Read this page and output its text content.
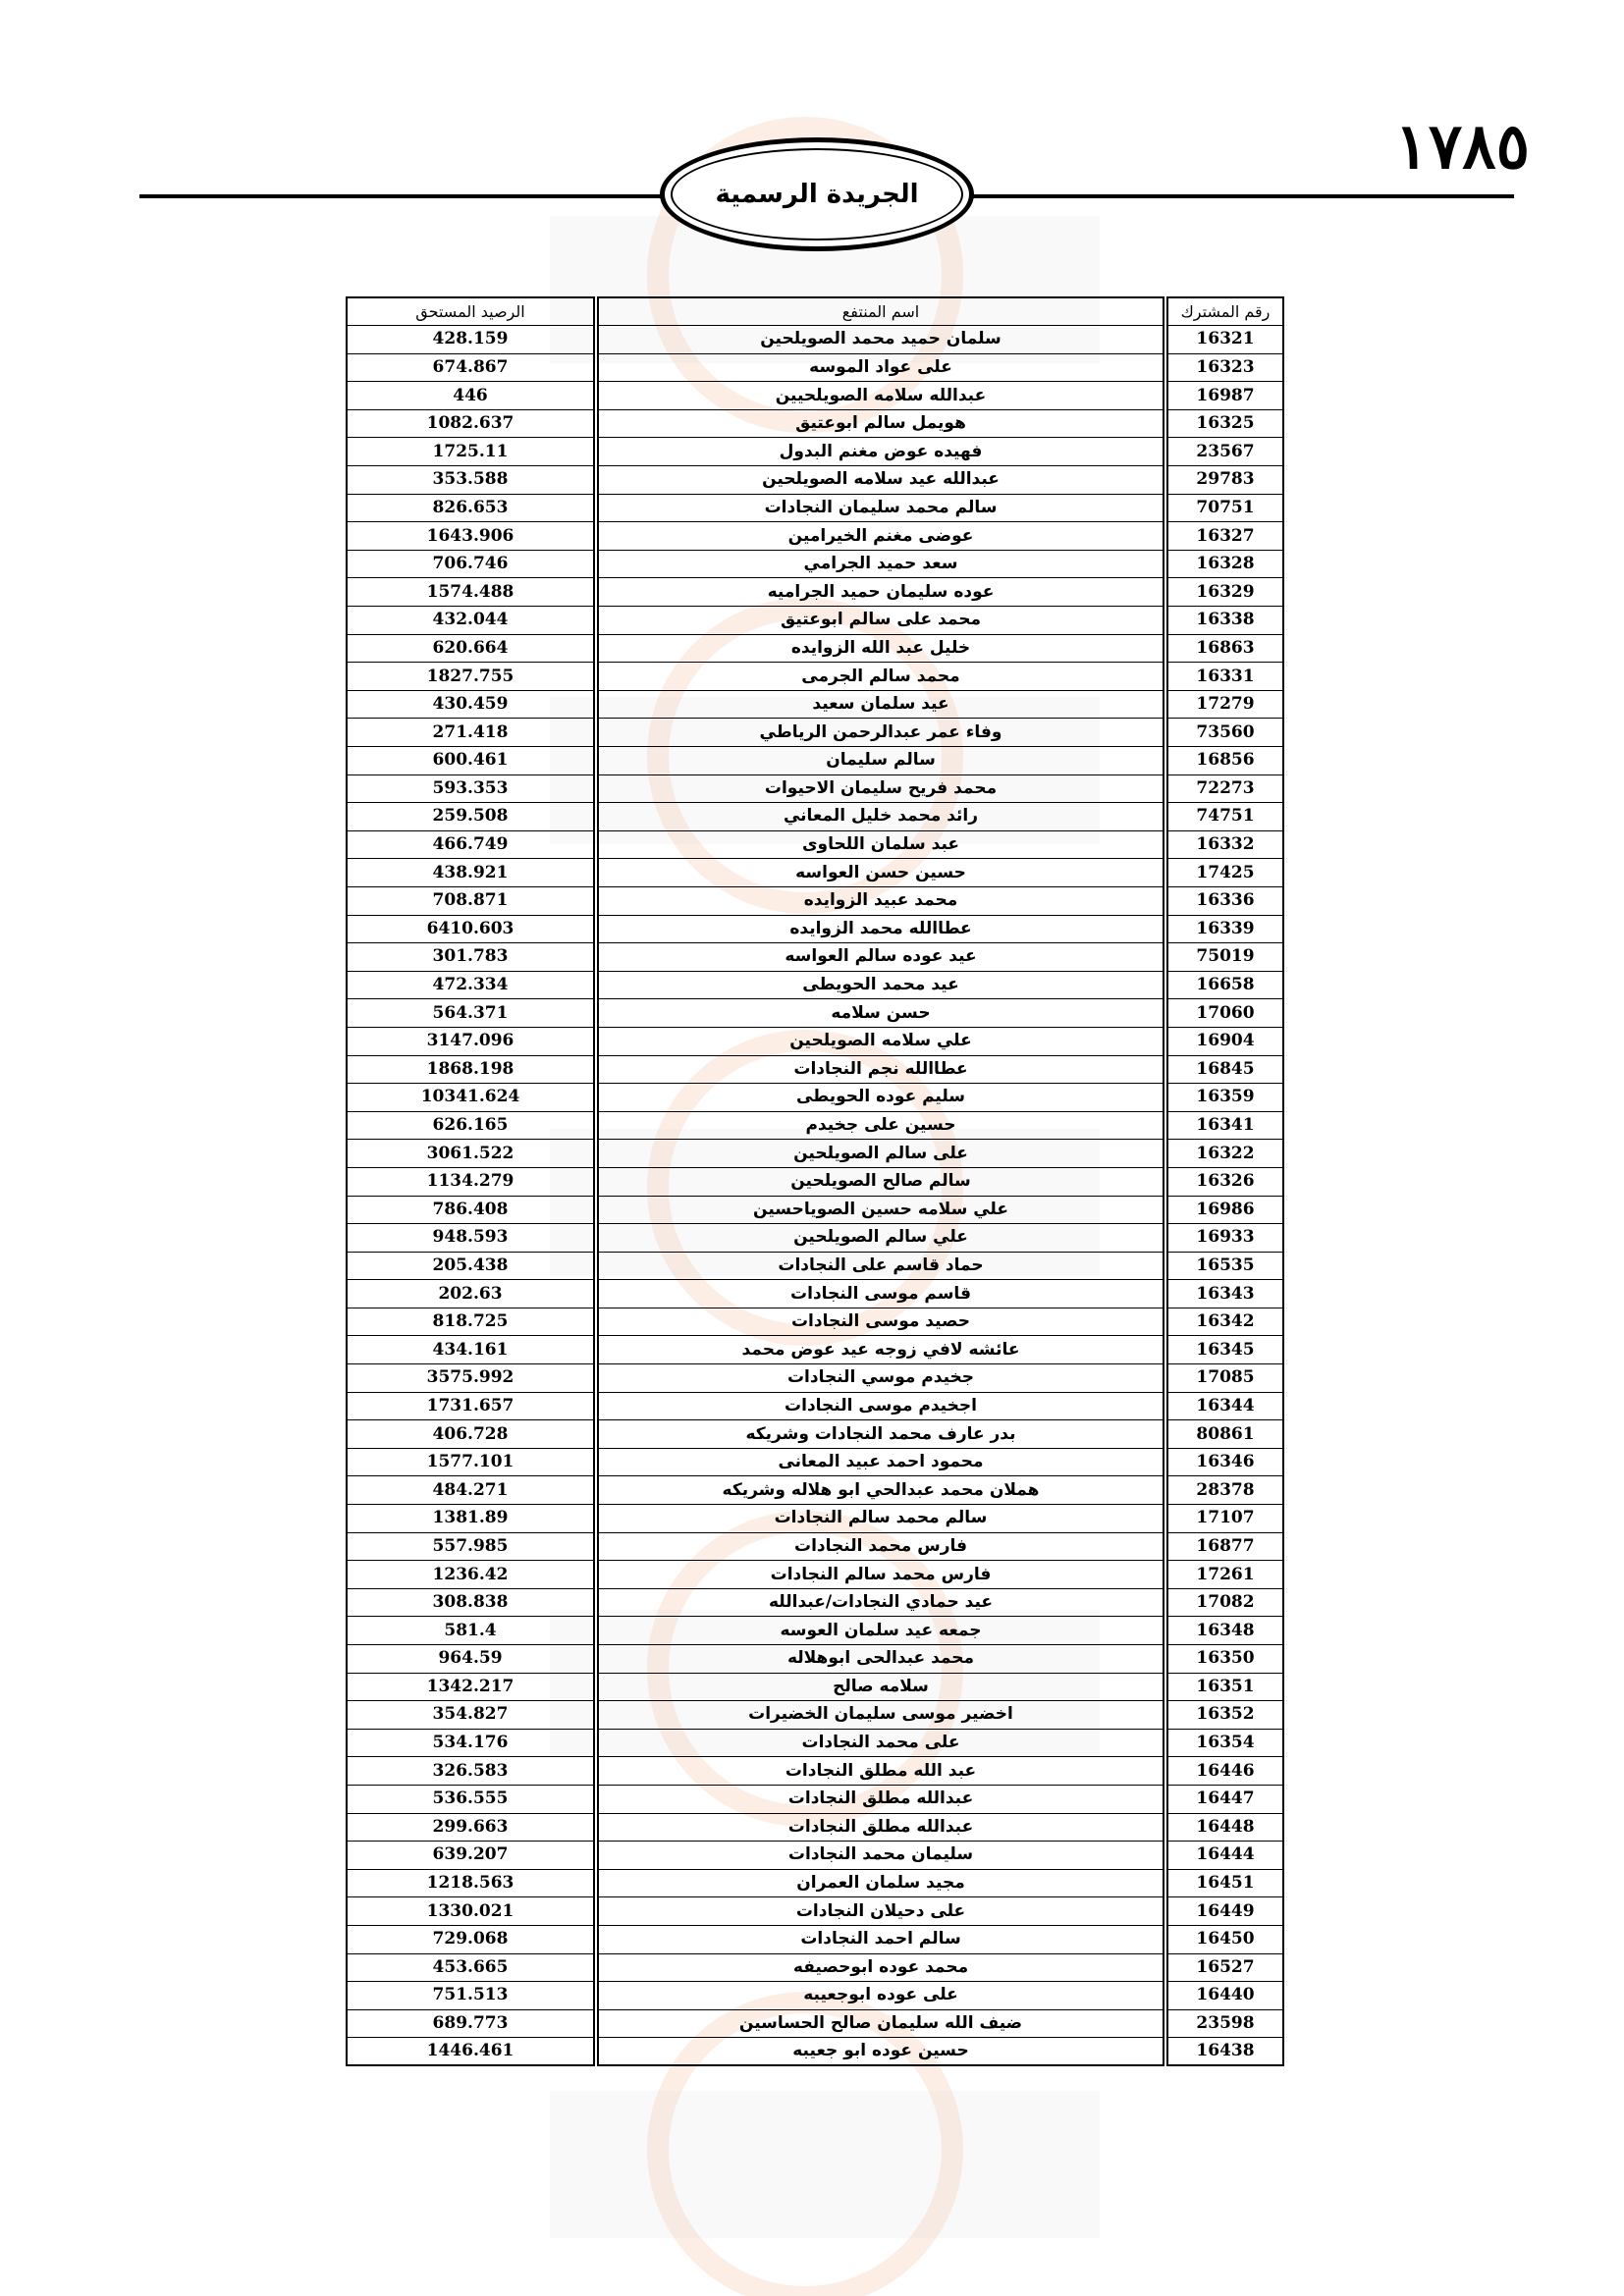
١٧٨٥
الجريدة الرسمية
رقم المشترك	اسم المنتفع	الرصيد المستحق
16321	سلمان حميد محمد الصويلحين	428.159
16323	على عواد الموسه	674.867
16987	عبدالله سلامه الصويلحيين	446
16325	هويمل سالم ابوعتيق	1082.637
23567	فهيده عوض مغنم البدول	1725.11
29783	عبدالله عيد سلامه الصويلحين	353.588
70751	سالم محمد سليمان النجادات	826.653
16327	عوضى مغنم الخيرامين	1643.906
16328	سعد حميد الجرامي	706.746
16329	عوده سليمان حميد الجراميه	1574.488
16338	محمد على سالم ابوعتيق	432.044
16863	خليل عبد الله الزوايده	620.664
16331	محمد سالم الجرمى	1827.755
17279	عيد سلمان سعيد	430.459
73560	وفاء عمر عبدالرحمن الرياطي	271.418
16856	سالم سليمان	600.461
72273	محمد فريح سليمان الاحيوات	593.353
74751	رائد محمد خليل المعاني	259.508
16332	عبد سلمان اللحاوى	466.749
17425	حسين حسن العواسه	438.921
16336	محمد عبيد الزوايده	708.871
16339	عطاالله محمد الزوايده	6410.603
75019	عيد عوده سالم العواسه	301.783
16658	عيد محمد الحويطى	472.334
17060	حسن سلامه	564.371
16904	علي سلامه الصويلحين	3147.096
16845	عطاالله نجم النجادات	1868.198
16359	سليم عوده الحويطى	10341.624
16341	حسين على جخيدم	626.165
16322	على سالم الصويلحين	3061.522
16326	سالم صالح الصويلحين	1134.279
16986	علي سلامه حسين الصوياحسين	786.408
16933	علي سالم الصويلحين	948.593
16535	حماد قاسم على النجادات	205.438
16343	قاسم موسى النجادات	202.63
16342	حصيد موسى النجادات	818.725
16345	عائشه لافي زوجه عيد عوض محمد	434.161
17085	جخيدم موسي النجادات	3575.992
16344	اجخيدم موسى النجادات	1731.657
80861	بدر عارف محمد النجادات وشريكه	406.728
16346	محمود احمد عبيد المعانى	1577.101
28378	هملان محمد عبدالحي ابو هلاله وشريكه	484.271
17107	سالم محمد سالم النجادات	1381.89
16877	فارس محمد النجادات	557.985
17261	فارس محمد سالم النجادات	1236.42
17082	عيد حمادي النجادات/عبدالله	308.838
16348	جمعه عيد سلمان العوسه	581.4
16350	محمد عبدالحى ابوهلاله	964.59
16351	سلامه صالح	1342.217
16352	اخضير موسى سليمان الخضيرات	354.827
16354	على محمد النجادات	534.176
16446	عبد الله مطلق النجادات	326.583
16447	عبدالله مطلق النجادات	536.555
16448	عبدالله مطلق النجادات	299.663
16444	سليمان محمد النجادات	639.207
16451	مجيد سلمان العمران	1218.563
16449	على دحيلان النجادات	1330.021
16450	سالم احمد النجادات	729.068
16527	محمد عوده ابوحصيفه	453.665
16440	على عوده ابوجعيبه	751.513
23598	ضيف الله سليمان صالح الحساسين	689.773
16438	حسين عوده ابو جعيبه	1446.461
